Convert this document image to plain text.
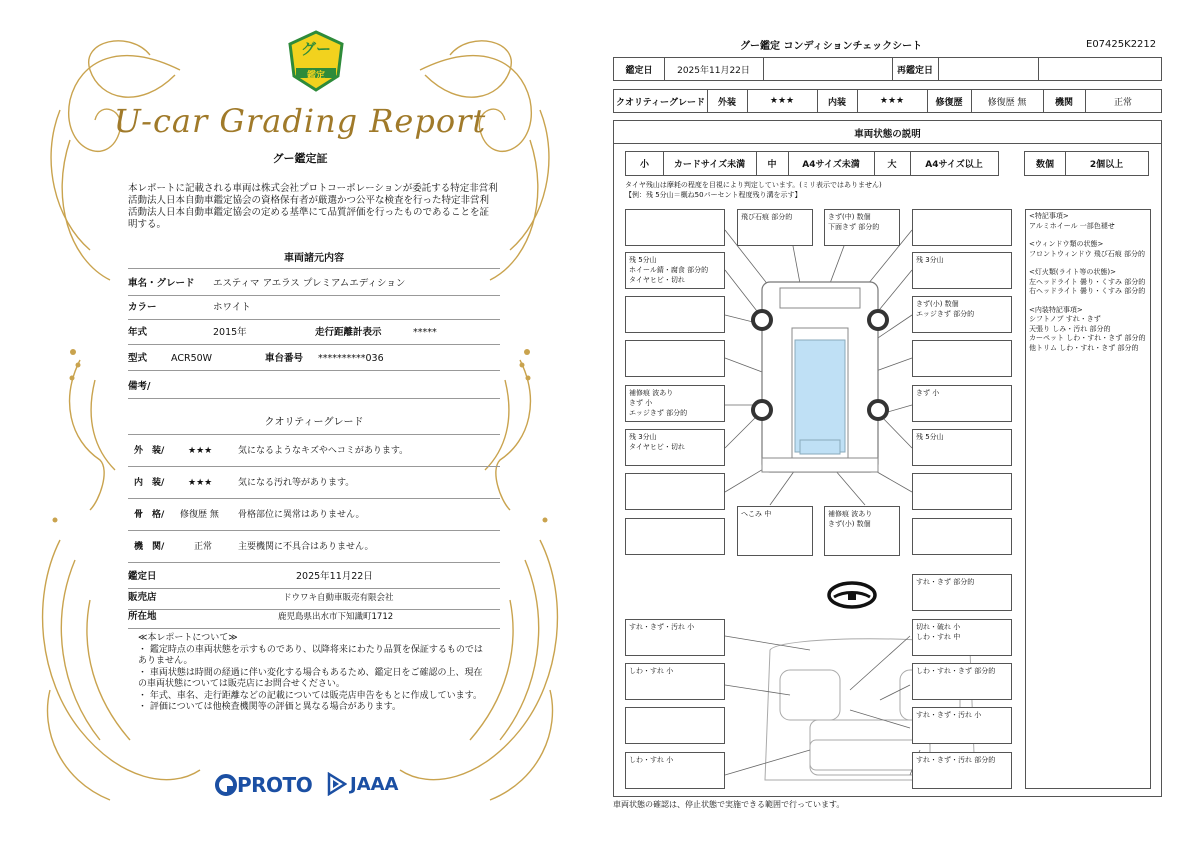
グー
鑑定
U-car Grading Report
グー鑑定証
本レポートに記載される車両は株式会社プロトコーポレーションが委託する特定非営利活動法人日本自動車鑑定協会の資格保有者が厳選かつ公平な検査を行った特定非営利活動法人日本自動車鑑定協会の定める基準にて品質評価を行ったものであることを証明する。
車両諸元内容
車名・グレード エスティマ アエラス プレミアムエディション
カラー	ホワイト
年式	2015年	走行距離計表示	*****
型式	ACR50W	車台番号 **********036
備考/
クオリティーグレード
外　装/	★★★	気になるようなキズやヘコミがあります。
内　装/	★★★	気になる汚れ等があります。
骨　格/ 修復歴 無 骨格部位に異常はありません。
機　関/	正常	主要機関に不具合はありません。
鑑定日	2025年11月22日
販売店	ドウワキ自動車販売有限会社
所在地	鹿児島県出水市下知識町1712
≪本レポートについて≫
・ 鑑定時点の車両状態を示すものであり、以降将来にわたり品質を保証するものではありません。
・ 車両状態は時間の経過に伴い変化する場合もあるため、鑑定日をご確認の上、現在の車両状態については販売店にお問合せください。
・ 年式、車名、走行距離などの記載については販売店申告をもとに作成しています。
・ 評価については他検査機関等の評価と異なる場合があります。
PROTO JAAA
グー鑑定 コンディションチェックシート	E07425K2212
鑑定日	2025年11月22日	再鑑定日
クオリティーグレード	外装	★★★	内装	★★★	修復歴	修復歴 無	機関	正常
車両状態の説明
小	カードサイズ未満	中	A4サイズ未満	大	A4サイズ以上	数個	2個以上
タイヤ残山は摩耗の程度を目視により判定しています。(ミリ表示ではありません)
【例：残 5分山＝概ね50パーセント程度残り溝を示す】
飛び石痕 部分的	きず(中) 数個
下面きず 部分的
残 5分山
ホイール錆・腐食 部分的
タイヤヒビ・切れ
残 3分山
きず(小) 数個
エッジきず 部分的
補修痕 波あり
きず 小
エッジきず 部分的
きず 小
残 3分山
タイヤヒビ・切れ
残 5分山
へこみ 中	補修痕 波あり
きず(小) 数個
すれ・きず 部分的
すれ・きず・汚れ 小	切れ・破れ 小
しわ・すれ 中
しわ・すれ 小	しわ・すれ・きず 部分的
すれ・きず・汚れ 小
しわ・すれ 小	すれ・きず・汚れ 部分的
<特記事項>
アルミホイール 一部色褪せ
<ウィンドウ類の状態>
フロントウィンドウ 飛び石痕 部分的
<灯火類(ライト等の状態)>
左ヘッドライト 曇り・くすみ 部分的
右ヘッドライト 曇り・くすみ 部分的
<内装特記事項>
シフトノブ すれ・きず
天張り しみ・汚れ 部分的
カーペット しわ・すれ・きず 部分的
他トリム しわ・すれ・きず 部分的
車両状態の確認は、停止状態で実施できる範囲で行っています。
